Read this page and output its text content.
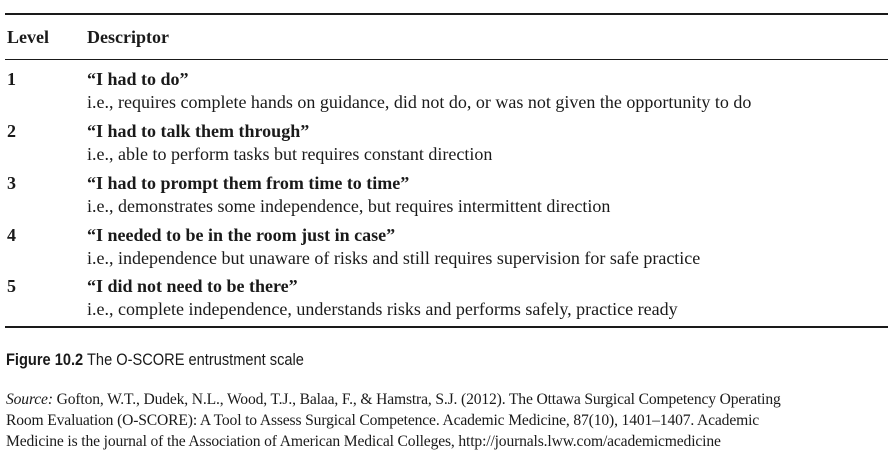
Level Descriptor
1	“I had to do”
i.e., requires complete hands on guidance, did not do, or was not given the opportunity to do
2	“I had to talk them through”
i.e., able to perform tasks but requires constant direction
3	“I had to prompt them from time to time”
i.e., demonstrates some independence, but requires intermittent direction
4	“I needed to be in the room just in case”
i.e., independence but unaware of risks and still requires supervision for safe practice
5	“I did not need to be there”
i.e., complete independence, understands risks and performs safely, practice ready
Figure 10.2 The O-SCORE entrustment scale
Source: Gofton, W.T., Dudek, N.L., Wood, T.J., Balaa, F., & Hamstra, S.J. (2012). The Ottawa Surgical Competency Operating
Room Evaluation (O-SCORE): A Tool to Assess Surgical Competence. Academic Medicine, 87(10), 1401–1407. Academic
Medicine is the journal of the Association of American Medical Colleges, http://journals.lww.com/academicmedicine
